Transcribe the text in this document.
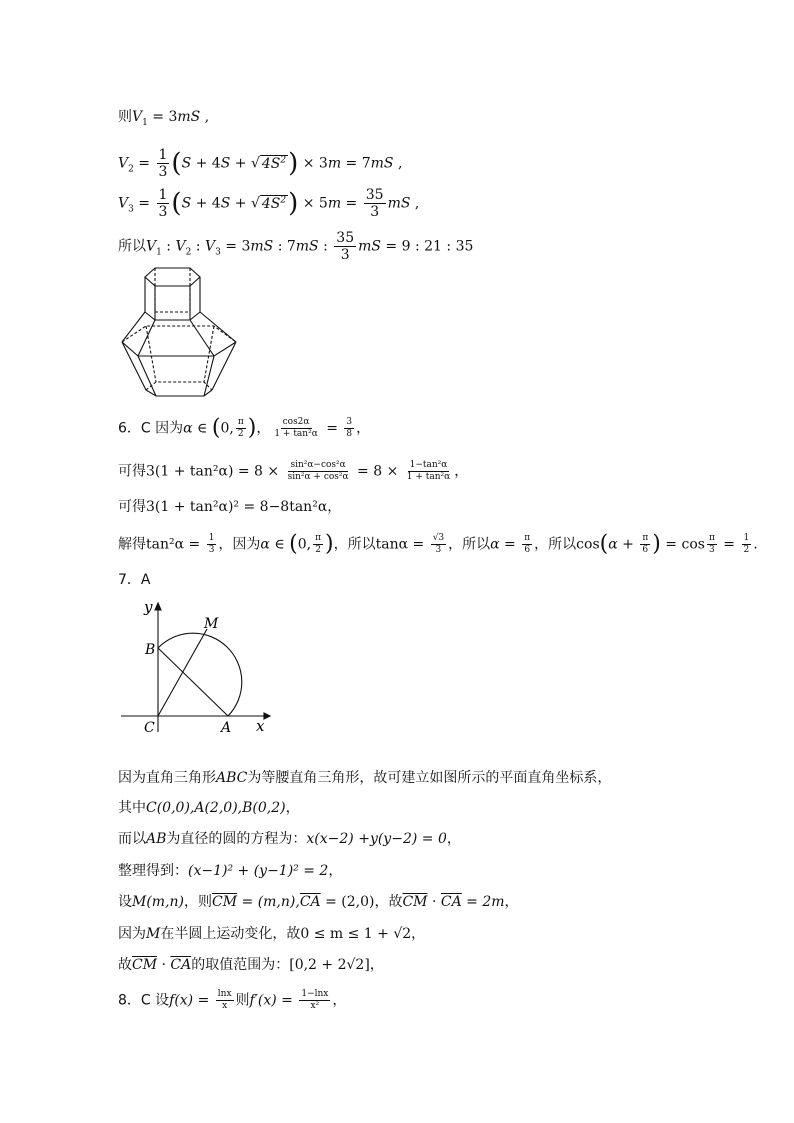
则$V_1 = 3mS$ ,
$V_2 = \frac{1}{3} (S + 4S$ + √ $4S^2) \times 3m = 7mS$ ,
$V_3 = \frac{1}{3} (S + 4S$ + √ $4S^2) \times 5m = \frac{35}{3}$ mS ,
所以$V_1$ : $V_2$ : $V_3 = 3mS$ : 7mS : $\frac{35}{3}$ mS = 9 : 21 : 35
6．C 因为α ∈ (0, $\frac{\pi}{2}$ )， $\frac{\cos 2\alpha}{\text{1 + tan²α}} = \frac{3}{8}$ ，
可得$3(1 + \tan^2\alpha) = 8 \times \frac{\text{sin²α−cos²α}}{\text{sin²α + cos²α}} = 8 \times \frac{\text{1−tan²α}}{\text{1 + tan²α}}$ ，
可得3(1 + tan²α)² = 8−8tan²α，
解得$\tan^2\alpha = \frac{1}{3}$ ，因为α ∈ (0, $\frac{\pi}{2}$ )，所以$\tan\alpha = \frac{√3}{3}$ ，所以$\alpha = \frac{\pi}{6}$ ，所以$\cos(\alpha + \frac{\pi}{6}$ ) = $\cos \frac{\pi}{3} = \frac{1}{2}$ .
7．A
y
x
B
M
C	A
因为直角三角形ABC为等腰直角三角形，故可建立如图所示的平面直角坐标系，
其中C(0,0),A(2,0),B(0,2)，
而以AB为直径的圆的方程为：x(x−2) +y(y−2) = 0，
整理得到：(x−1)² + (y−1)² = 2，
设M(m,n)，则$\overline{CM} = (m,n),\overline{CA} = (2,0)$，故$\overline{CM} \cdot \overline{CA} = 2m$，
因为M在半圆上运动变化，故0 ≤ m ≤ 1 + √2，
故$\overline{CM} \cdot \overline{CA}$的取值范围为：[0,2 + 2√2]，
8．C 设$f(x) = \frac{\ln x}{x}$ 则$f'(x) = \frac{1-\ln x}{\text{x²}}$ ，
